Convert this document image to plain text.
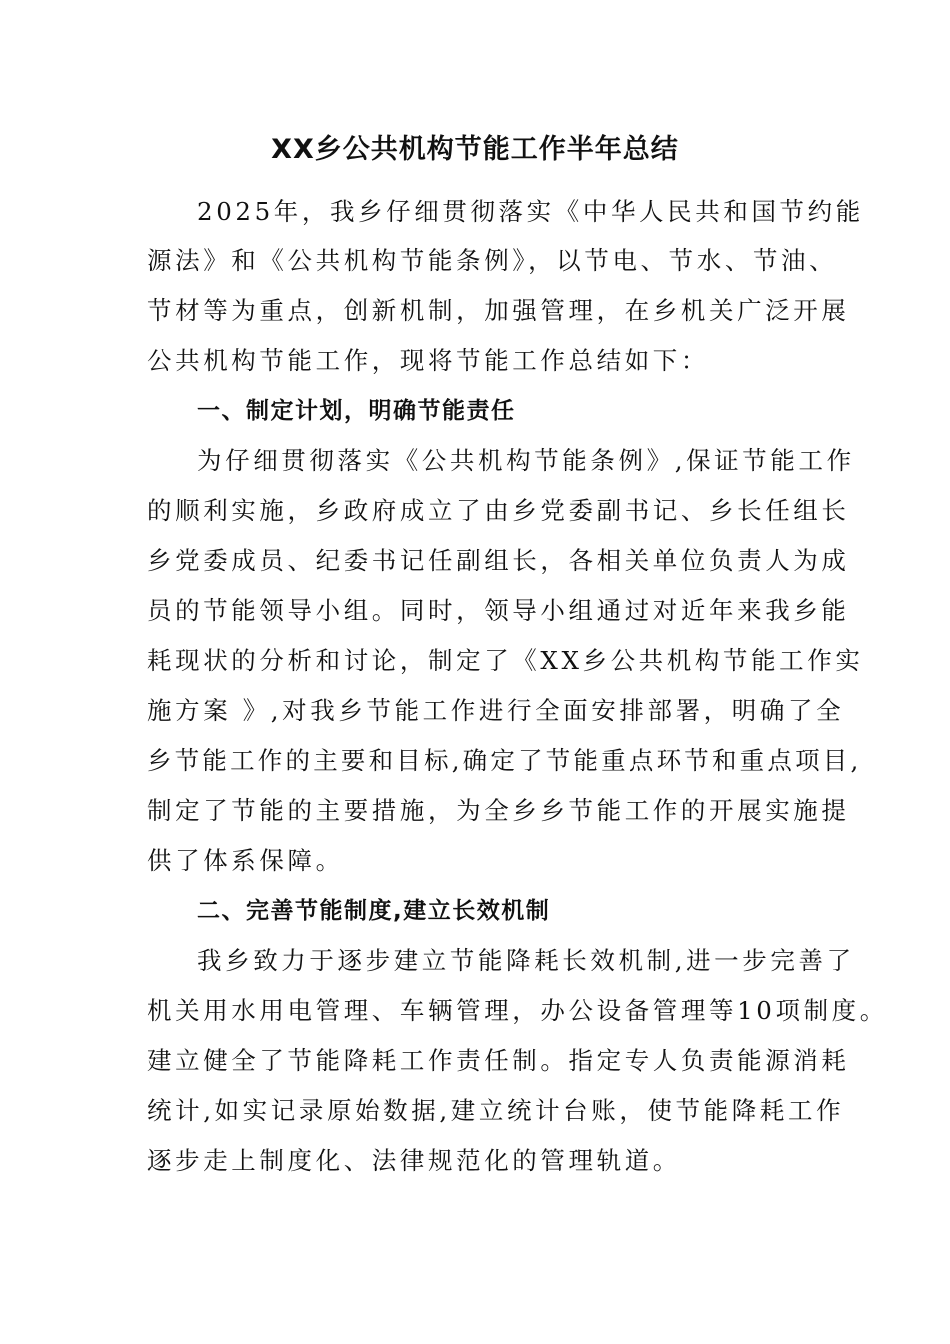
XX乡公共机构节能工作半年总结
2025年，我乡仔细贯彻落实《中华人民共和国节约能
源法》和《公共机构节能条例》，以节电、节水、节油、
节材等为重点，创新机制，加强管理，在乡机关广泛开展
公共机构节能工作，现将节能工作总结如下：
一、制定计划，明确节能责任
为仔细贯彻落实《公共机构节能条例》,保证节能工作
的顺利实施，乡政府成立了由乡党委副书记、乡长任组长
乡党委成员、纪委书记任副组长，各相关单位负责人为成
员的节能领导小组。同时，领导小组通过对近年来我乡能
耗现状的分析和讨论，制定了《XX乡公共机构节能工作实
施方案 》,对我乡节能工作进行全面安排部署，明确了全
乡节能工作的主要和目标,确定了节能重点环节和重点项目,
制定了节能的主要措施，为全乡乡节能工作的开展实施提
供了体系保障。
二、完善节能制度,建立长效机制
我乡致力于逐步建立节能降耗长效机制,进一步完善了
机关用水用电管理、车辆管理，办公设备管理等10项制度。
建立健全了节能降耗工作责任制。指定专人负责能源消耗
统计,如实记录原始数据,建立统计台账，使节能降耗工作
逐步走上制度化、法律规范化的管理轨道。
